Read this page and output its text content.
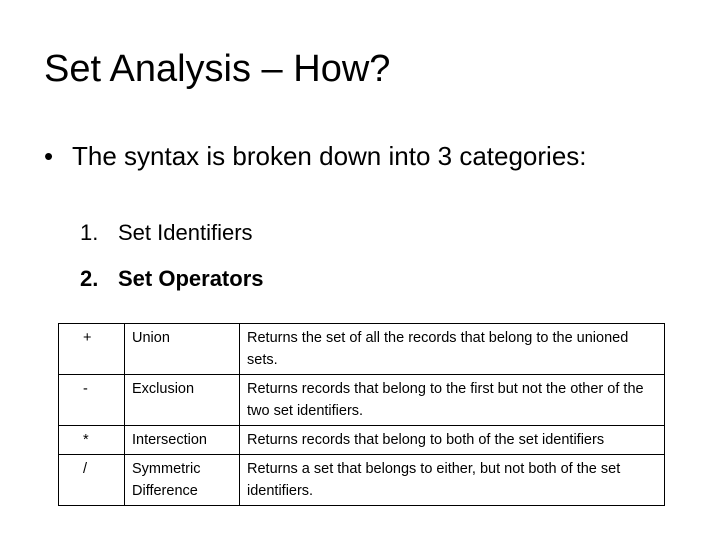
Set Analysis – How?
• The syntax is broken down into 3 categories:
1. Set Identifiers
2. Set Operators
+	Union	Returns the set of all the records that belong to the unioned sets.
-	Exclusion	Returns records that belong to the first but not the other of the two set identifiers.
*	Intersection	Returns records that belong to both of the set identifiers
/	Symmetric Difference	Returns a set that belongs to either, but not both of the set identifiers.
